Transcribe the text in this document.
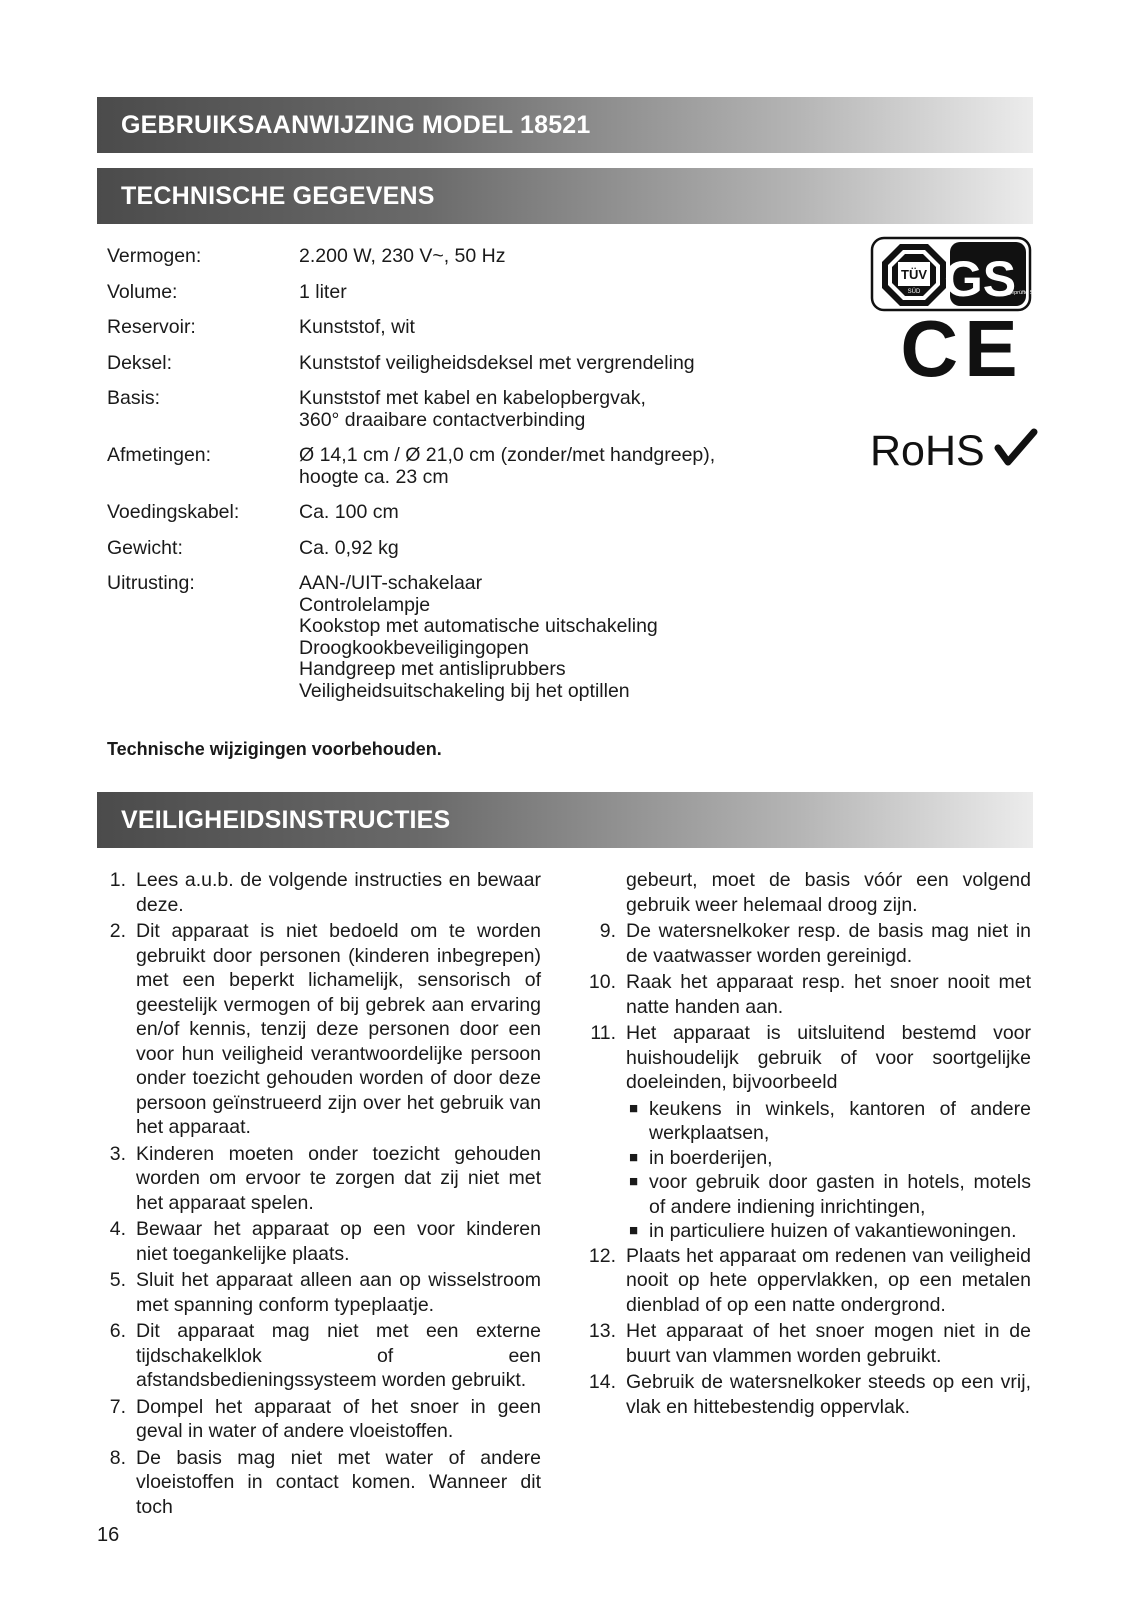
GEBRUIKSAANWIJZING MODEL 18521
TECHNISCHE GEGEVENS
Vermogen:	2.200 W, 230 V~, 50 Hz
Volume:	1 liter
Reservoir:	Kunststof, wit
Deksel:	Kunststof veiligheidsdeksel met vergrendeling
Basis:	Kunststof met kabel en kabelopbergvak,
360° draaibare contactverbinding
Afmetingen:	Ø 14,1 cm / Ø 21,0 cm (zonder/met handgreep),
hoogte ca. 23 cm
Voedingskabel:	Ca. 100 cm
Gewicht:	Ca. 0,92 kg
Uitrusting:	AAN-/UIT-schakelaar
Controlelampje
Kookstop met automatische uitschakeling
Droogkookbeveiligingopen
Handgreep met antisliprubbers
Veiligheidsuitschakeling bij het optillen
Technische wijzigingen voorbehouden.
TÜV
SÜD GS
geprüfte Sicherheit
CE
RoHS
VEILIGHEIDSINSTRUCTIES
1. Lees a.u.b. de volgende instructies en bewaar deze.
2. Dit apparaat is niet bedoeld om te worden gebruikt door personen (kinderen inbegrepen) met een beperkt lichamelijk, sensorisch of geestelijk vermogen of bij gebrek aan ervaring en/of kennis, tenzij deze personen door een voor hun veiligheid verantwoordelijke persoon onder toezicht gehouden worden of door deze persoon geïnstrueerd zijn over het gebruik van het apparaat.
3. Kinderen moeten onder toezicht gehouden worden om ervoor te zorgen dat zij niet met het apparaat spelen.
4. Bewaar het apparaat op een voor kinderen niet toegankelijke plaats.
5. Sluit het apparaat alleen aan op wisselstroom met spanning conform typeplaatje.
6. Dit apparaat mag niet met een externe tijdschakelklok of een afstandsbedieningssysteem worden gebruikt.
7. Dompel het apparaat of het snoer in geen geval in water of andere vloeistoffen.
8. De basis mag niet met water of andere vloeistoffen in contact komen. Wanneer dit toch
gebeurt, moet de basis vóór een volgend gebruik weer helemaal droog zijn.
9. De watersnelkoker resp. de basis mag niet in de vaatwasser worden gereinigd.
10. Raak het apparaat resp. het snoer nooit met natte handen aan.
11. Het apparaat is uitsluitend bestemd voor huishoudelijk gebruik of voor soortgelijke doeleinden, bijvoorbeeld
■ keukens in winkels, kantoren of andere werkplaatsen,
■ in boerderijen,
■ voor gebruik door gasten in hotels, motels of andere indiening inrichtingen,
■ in particuliere huizen of vakantiewoningen.
12. Plaats het apparaat om redenen van veiligheid nooit op hete oppervlakken, op een metalen dienblad of op een natte ondergrond.
13. Het apparaat of het snoer mogen niet in de buurt van vlammen worden gebruikt.
14. Gebruik de watersnelkoker steeds op een vrij, vlak en hittebestendig oppervlak.
16
